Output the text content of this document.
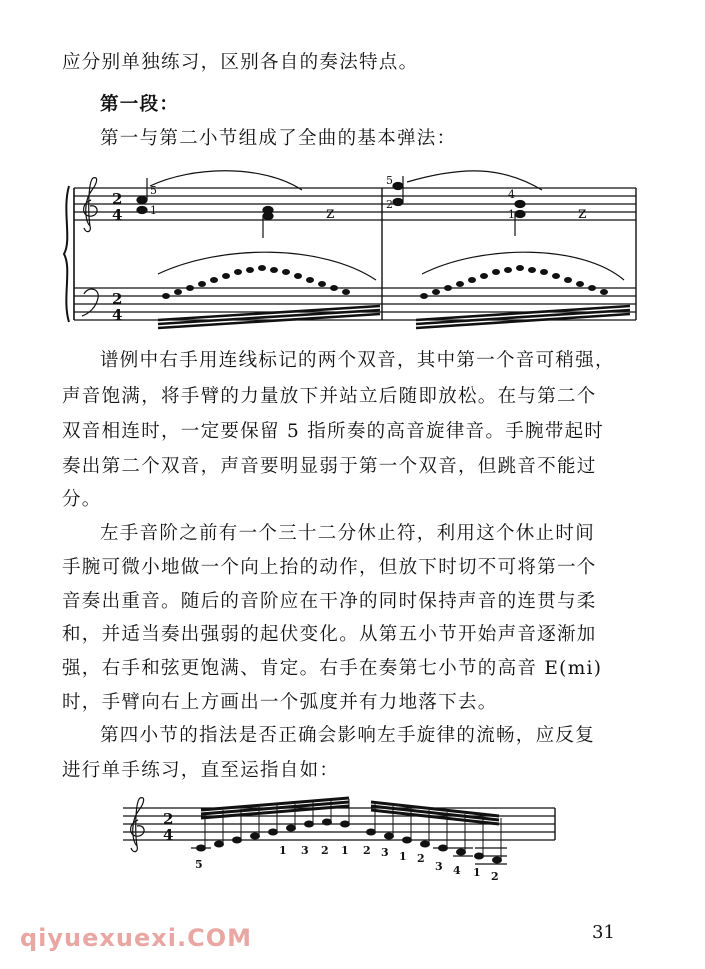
应分别单独练习，区别各自的奏法特点。
第一段：
第一与第二小节组成了全曲的基本弹法：
2
4
2
4
5
1
5
2
4
1
z	z
谱例中右手用连线标记的两个双音，其中第一个音可稍强，
声音饱满，将手臂的力量放下并站立后随即放松。在与第二个
双音相连时，一定要保留 5 指所奏的高音旋律音。手腕带起时
奏出第二个双音，声音要明显弱于第一个双音，但跳音不能过
分。
左手音阶之前有一个三十二分休止符，利用这个休止时间
手腕可微小地做一个向上抬的动作，但放下时切不可将第一个
音奏出重音。随后的音阶应在干净的同时保持声音的连贯与柔
和，并适当奏出强弱的起伏变化。从第五小节开始声音逐渐加
强，右手和弦更饱满、肯定。右手在奏第七小节的高音 E(mi)
时，手臂向右上方画出一个弧度并有力地落下去。
第四小节的指法是否正确会影响左手旋律的流畅，应反复
进行单手练习，直至运指自如：
2
4
5
1 3 2 1 2 3 1 2
3 4 1 2
qiyuexuexi.COM	31
